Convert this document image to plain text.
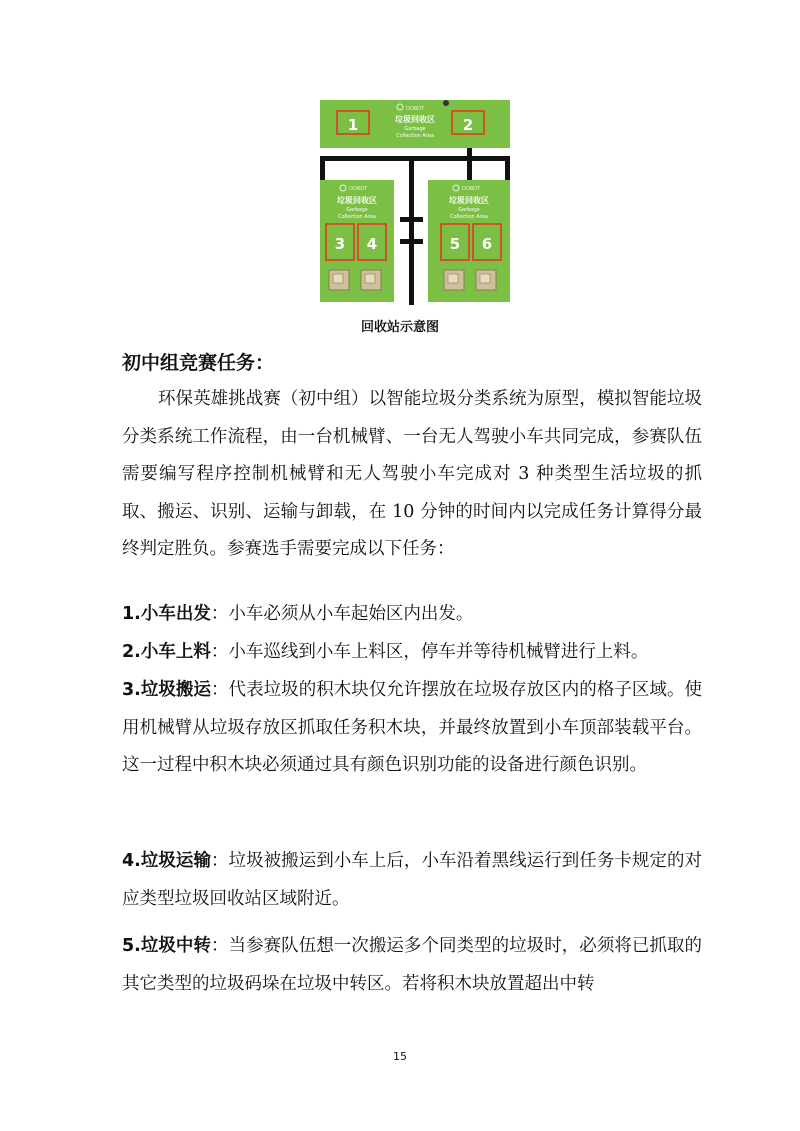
DOBOT
垃圾回收区
Garbage
Collection Area
1	2
DOBOT
垃圾回收区
Garbage
Collection Area
3 4
DOBOT
垃圾回收区
Garbage
Collection Area
5 6
回收站示意图
初中组竞赛任务：

环保英雄挑战赛（初中组）以智能垃圾分类系统为原型，模拟智能垃圾分类系统工作流程，由一台机械臂、一台无人驾驶小车共同完成，参赛队伍需要编写程序控制机械臂和无人驾驶小车完成对 3 种类型生活垃圾的抓取、搬运、识别、运输与卸载，在 10 分钟的时间内以完成任务计算得分最终判定胜负。参赛选手需要完成以下任务：

1.小车出发：小车必须从小车起始区内出发。

2.小车上料：小车巡线到小车上料区，停车并等待机械臂进行上料。

3.垃圾搬运：代表垃圾的积木块仅允许摆放在垃圾存放区内的格子区域。使用机械臂从垃圾存放区抓取任务积木块，并最终放置到小车顶部装载平台。这一过程中积木块必须通过具有颜色识别功能的设备进行颜色识别。

4.垃圾运输：垃圾被搬运到小车上后，小车沿着黑线运行到任务卡规定的对应类型垃圾回收站区域附近。

5.垃圾中转：当参赛队伍想一次搬运多个同类型的垃圾时，必须将已抓取的其它类型的垃圾码垛在垃圾中转区。若将积木块放置超出中转

15
